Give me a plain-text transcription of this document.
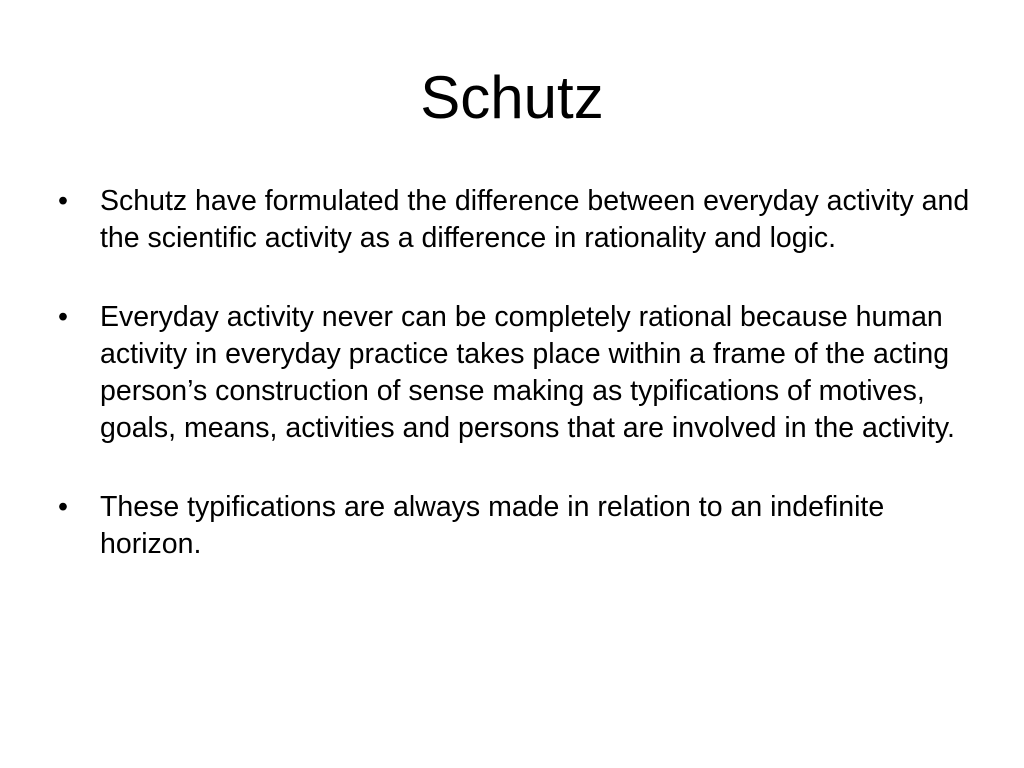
Schutz
•	Schutz have formulated the difference between everyday activity and the scientific activity as a difference in rationality and logic.
•	Everyday activity never can be completely rational because human activity in everyday practice takes place within a frame of the acting person’s construction of sense making as typifications of motives, goals, means, activities and persons that are involved in the activity.
•	These typifications are always made in relation to an indefinite horizon.
